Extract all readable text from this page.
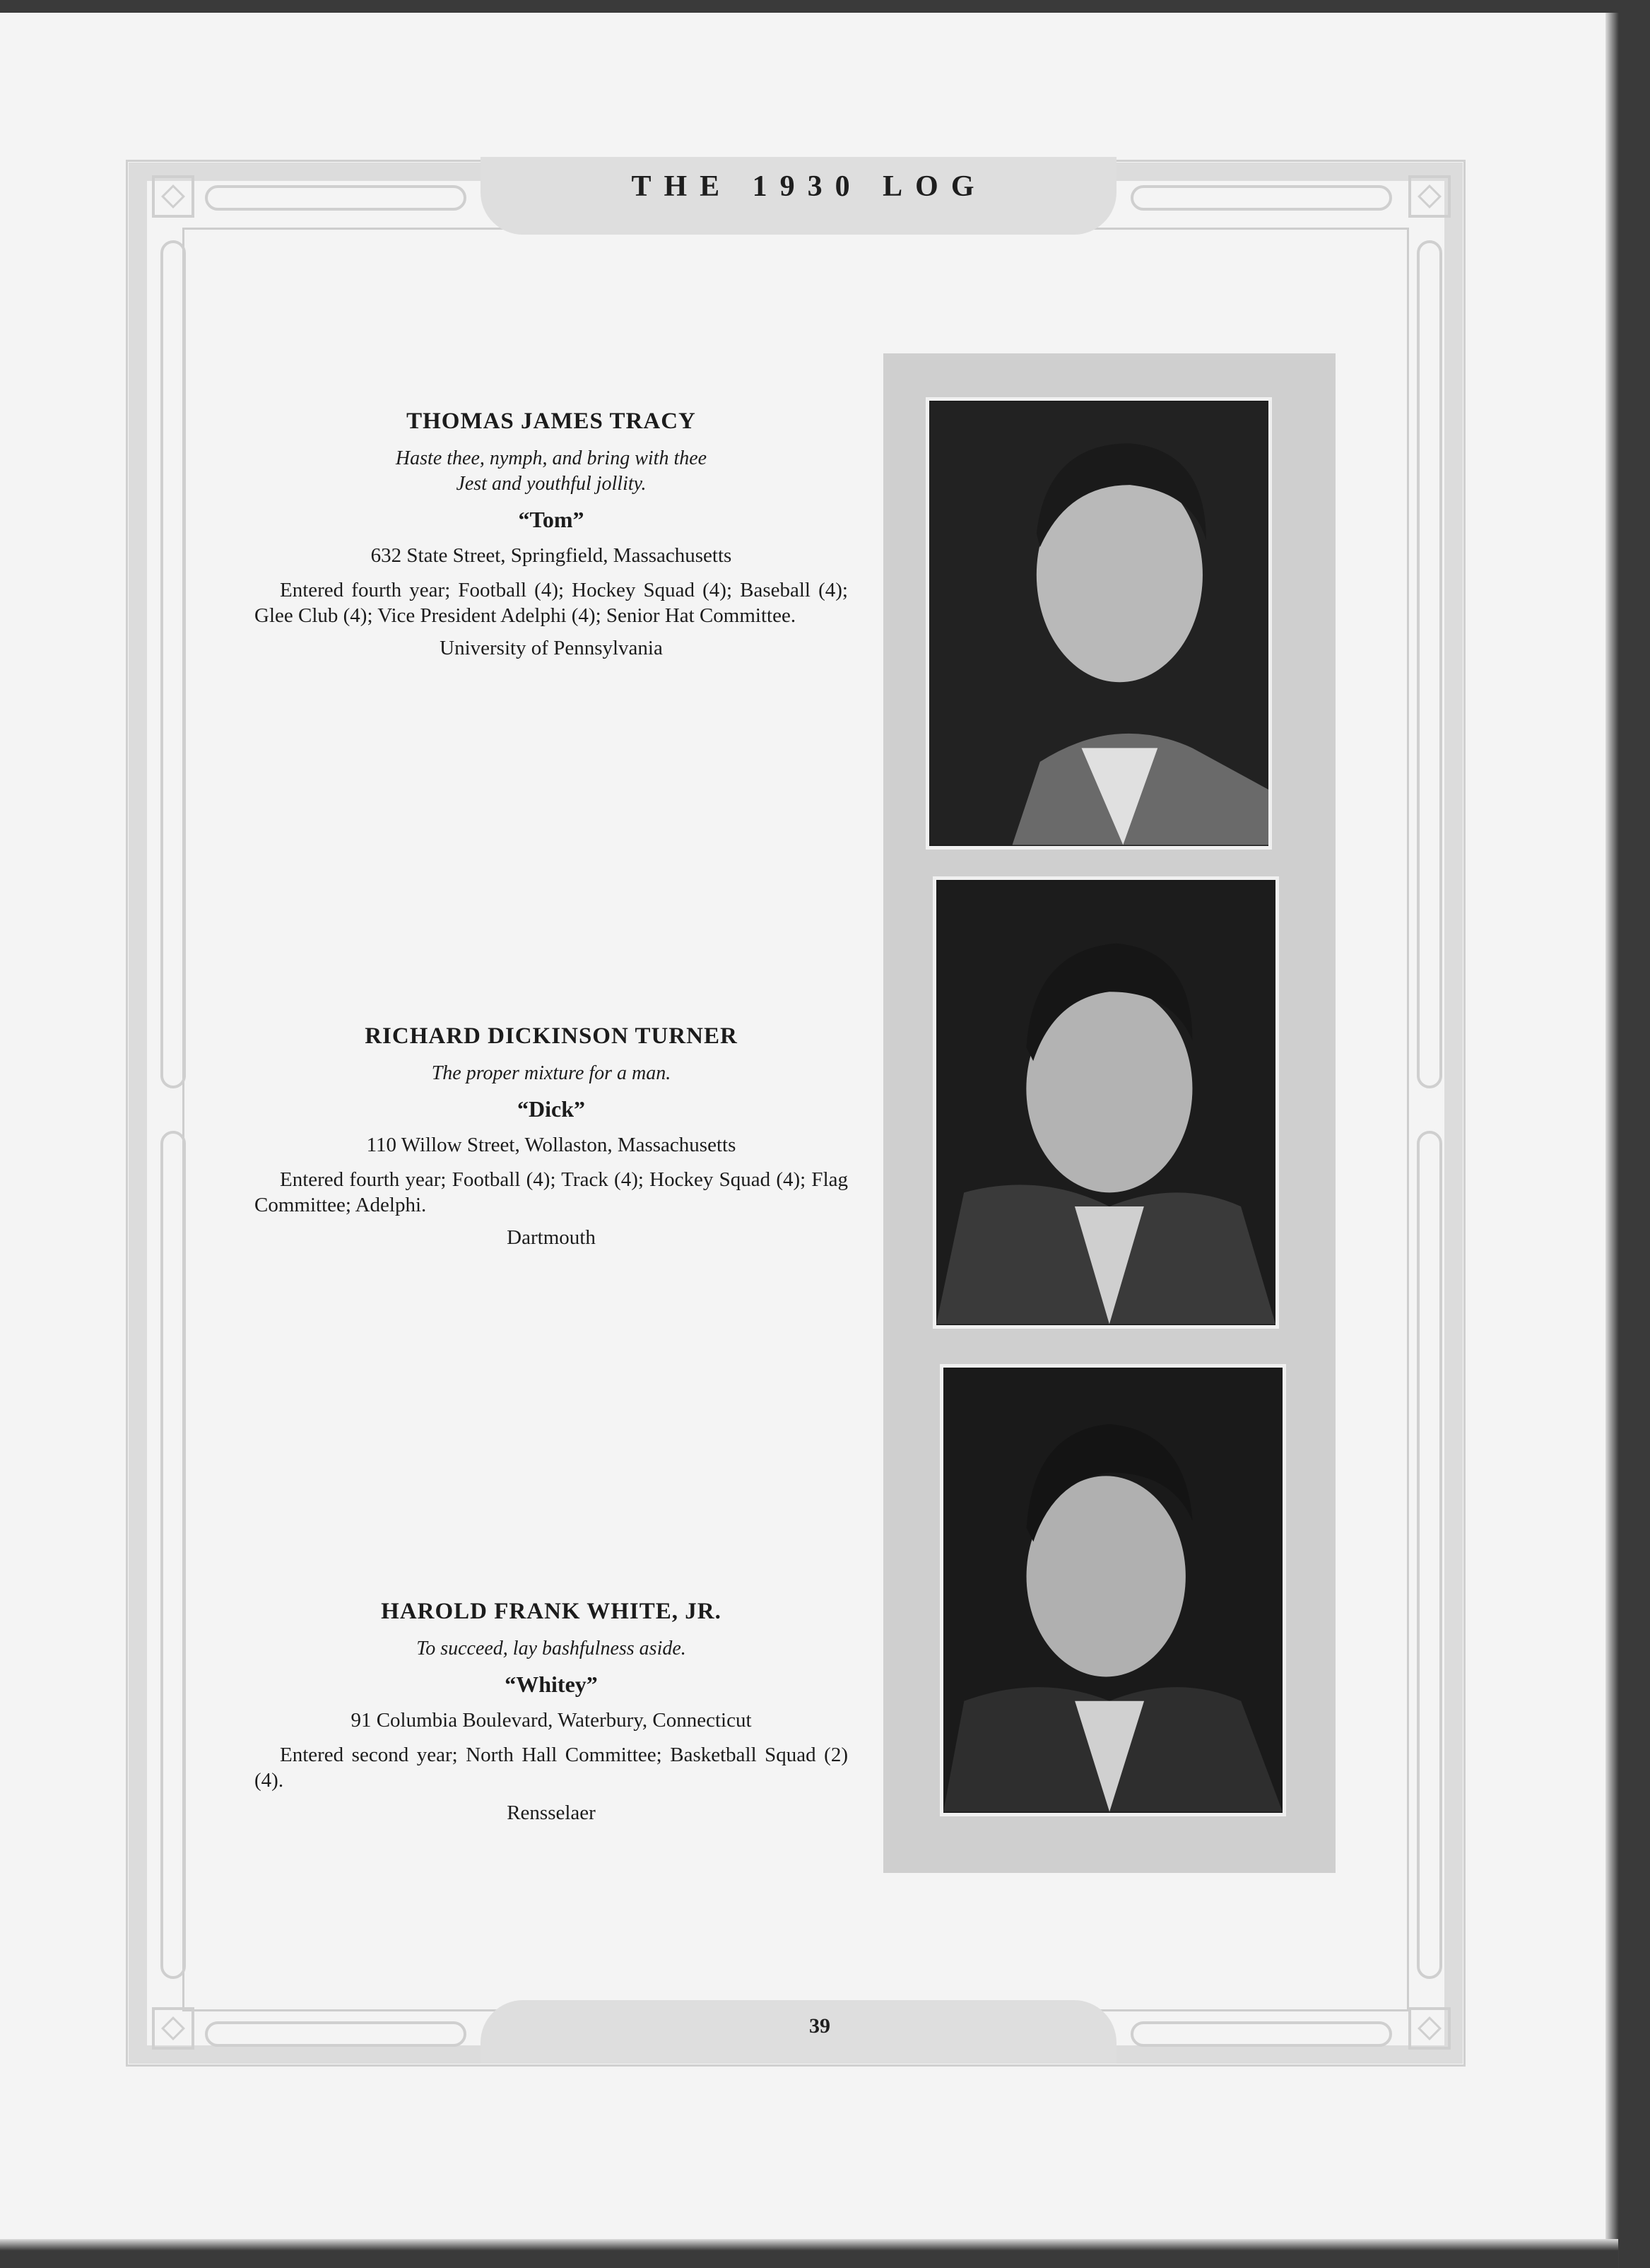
THE 1930 LOG
THOMAS JAMES TRACY
Haste thee, nymph, and bring with thee
Jest and youthful jollity.
“Tom”
632 State Street, Springfield, Massachusetts
Entered fourth year; Football (4); Hockey Squad (4); Baseball (4); Glee Club (4); Vice President Adelphi (4); Senior Hat Committee.
University of Pennsylvania
RICHARD DICKINSON TURNER
The proper mixture for a man.
“Dick”
110 Willow Street, Wollaston, Massachusetts
Entered fourth year; Football (4); Track (4); Hockey Squad (4); Flag Committee; Adelphi.
Dartmouth
HAROLD FRANK WHITE, JR.
To succeed, lay bashfulness aside.
“Whitey”
91 Columbia Boulevard, Waterbury, Connecticut
Entered second year; North Hall Committee; Basketball Squad (2) (4).
Rensselaer
39
